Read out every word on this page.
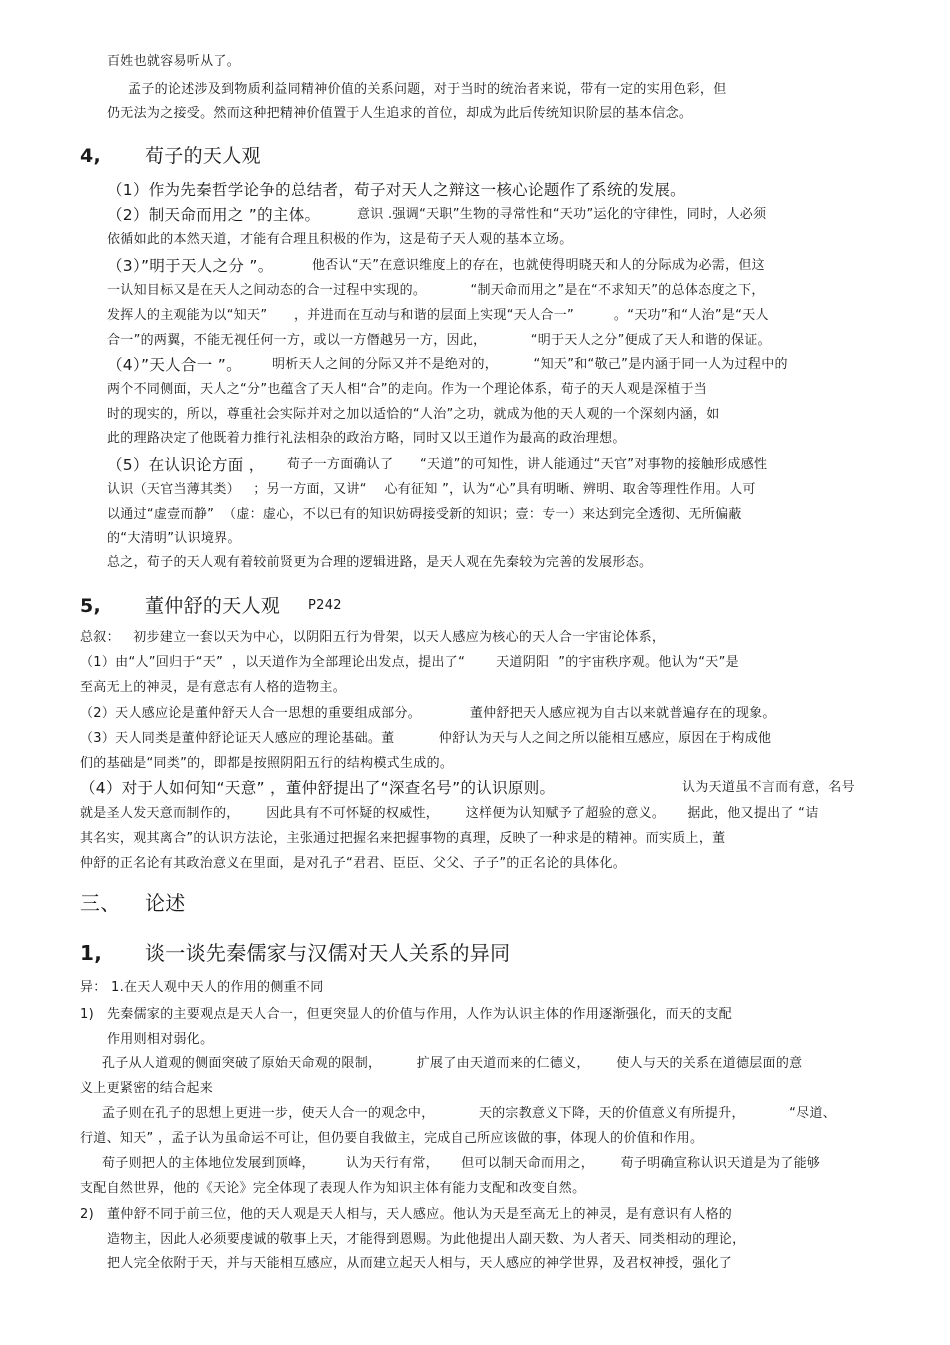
百姓也就容易听从了。
孟子的论述涉及到物质利益同精神价值的关系问题，对于当时的统治者来说，带有一定的实用色彩，但
仍无法为之接受。然而这种把精神价值置于人生追求的首位，却成为此后传统知识阶层的基本信念。
4, 荀子的天人观
（1）作为先秦哲学论争的总结者，荀子对天人之辩这一核心论题作了系统的发展。
（2）制天命而用之 ”的主体。	意识 .强调“天职”生物的寻常性和“天功”运化的守律性，同时，人必须
依循如此的本然天道，才能有合理且积极的作为，这是荀子天人观的基本立场。
（3）”明于天人之分 ”。	他否认“天”在意识维度上的存在，也就使得明晓天和人的分际成为必需，但这
一认知目标又是在天人之间动态的合一过程中实现的。          “制天命而用之”是在“不求知天”的总体态度之下，
发挥人的主观能为以“知天”      ，并进而在互动与和谐的层面上实现“天人合一”         。“天功”和“人治”是“天人
合一”的两翼，不能无视任何一方，或以一方僭越另一方，因此，          “明于天人之分”便成了天人和谐的保证。
（4）”天人合一 ”。 明析天人之间的分际又并不是绝对的，        “知天”和“敬己”是内涵于同一人为过程中的
两个不同侧面，天人之“分”也蕴含了天人相“合”的走向。作为一个理论体系，荀子的天人观是深植于当
时的现实的，所以，尊重社会实际并对之加以适恰的“人治”之功，就成为他的天人观的一个深刻内涵，如
此的理路决定了他既着力推行礼法相杂的政治方略，同时又以王道作为最高的政治理想。
（5）在认识论方面 ， 荀子一方面确认了      “天道”的可知性，讲人能通过“天官”对事物的接触形成感性
认识（天官当薄其类）   ；另一方面，又讲“    心有征知 ”，认为“心”具有明晰、辨明、取舍等理性作用。人可
以通过“虚壹而静”  （虚：虚心，不以已有的知识妨碍接受新的知识；壹：专一）来达到完全透彻、无所偏蔽
的“大清明”认识境界。
总之，荀子的天人观有着较前贤更为合理的逻辑进路，是天人观在先秦较为完善的发展形态。
5, 董仲舒的天人观 P242
总叙：   初步建立一套以天为中心，以阴阳五行为骨架，以天人感应为核心的天人合一宇宙论体系，
（1）由“人”回归于“天”  ，以天道作为全部理论出发点，提出了“       天道阴阳  ”的宇宙秩序观。他认为“天”是
至高无上的神灵，是有意志有人格的造物主。
（2）天人感应论是董仲舒天人合一思想的重要组成部分。           董仲舒把天人感应视为自古以来就普遍存在的现象。
（3）天人同类是董仲舒论证天人感应的理论基础。董          仲舒认为天与人之间之所以能相互感应，原因在于构成他
们的基础是“同类”的，即都是按照阴阳五行的结构模式生成的。
（4）对于人如何知“天意” ，董仲舒提出了“深查名号”的认识原则。	认为天道虽不言而有意，名号
就是圣人发天意而制作的，      因此具有不可怀疑的权威性，      这样便为认知赋予了超验的意义。     据此，他又提出了 “诘
其名实，观其离合”的认识方法论，主张通过把握名来把握事物的真理，反映了一种求是的精神。而实质上，董
仲舒的正名论有其政治意义在里面，是对孔子“君君、臣臣、父父、子子”的正名论的具体化。
三、 论述
1, 谈一谈先秦儒家与汉儒对天人关系的异同
异： 1.在天人观中天人的作用的侧重不同
1) 先秦儒家的主要观点是天人合一，但更突显人的价值与作用，人作为认识主体的作用逐渐强化，而天的支配
作用则相对弱化。
孔子从人道观的侧面突破了原始天命观的限制，        扩展了由天道而来的仁德义，      使人与天的关系在道德层面的意
义上更紧密的结合起来
孟子则在孔子的思想上更进一步，使天人合一的观念中，          天的宗教意义下降，天的价值意义有所提升，          “尽道、
行道、知天” ，孟子认为虽命运不可让，但仍要自我做主，完成自己所应该做的事，体现人的价值和作用。
荀子则把人的主体地位发展到顶峰，       认为天行有常，     但可以制天命而用之，      荀子明确宣称认识天道是为了能够
支配自然世界，他的《天论》完全体现了表现人作为知识主体有能力支配和改变自然。
2) 董仲舒不同于前三位，他的天人观是天人相与，天人感应。他认为天是至高无上的神灵，是有意识有人格的
造物主，因此人必须要虔诚的敬事上天，才能得到恩赐。为此他提出人副天数、为人者天、同类相动的理论，
把人完全依附于天，并与天能相互感应，从而建立起天人相与，天人感应的神学世界，及君权神授，强化了
